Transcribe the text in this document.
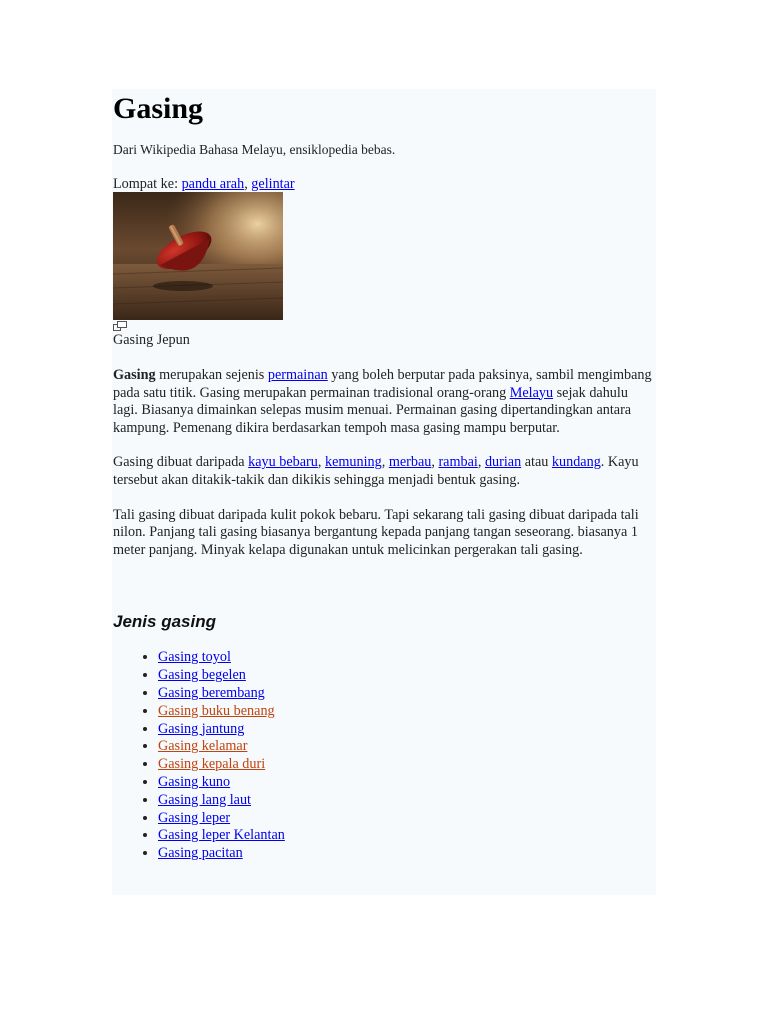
Gasing
Dari Wikipedia Bahasa Melayu, ensiklopedia bebas.
Lompat ke: pandu arah, gelintar
Gasing Jepun

Gasing merupakan sejenis permainan yang boleh berputar pada paksinya, sambil mengimbang pada satu titik. Gasing merupakan permainan tradisional orang-orang Melayu sejak dahulu lagi. Biasanya dimainkan selepas musim menuai. Permainan gasing dipertandingkan antara kampung. Pemenang dikira berdasarkan tempoh masa gasing mampu berputar.

Gasing dibuat daripada kayu bebaru, kemuning, merbau, rambai, durian atau kundang. Kayu tersebut akan ditakik-takik dan dikikis sehingga menjadi bentuk gasing.

Tali gasing dibuat daripada kulit pokok bebaru. Tapi sekarang tali gasing dibuat daripada tali nilon. Panjang tali gasing biasanya bergantung kepada panjang tangan seseorang. biasanya 1 meter panjang. Minyak kelapa digunakan untuk melicinkan pergerakan tali gasing.

Jenis gasing
• Gasing toyol
• Gasing begelen
• Gasing berembang
• Gasing buku benang
• Gasing jantung
• Gasing kelamar
• Gasing kepala duri
• Gasing kuno
• Gasing lang laut
• Gasing leper
• Gasing leper Kelantan
• Gasing pacitan
